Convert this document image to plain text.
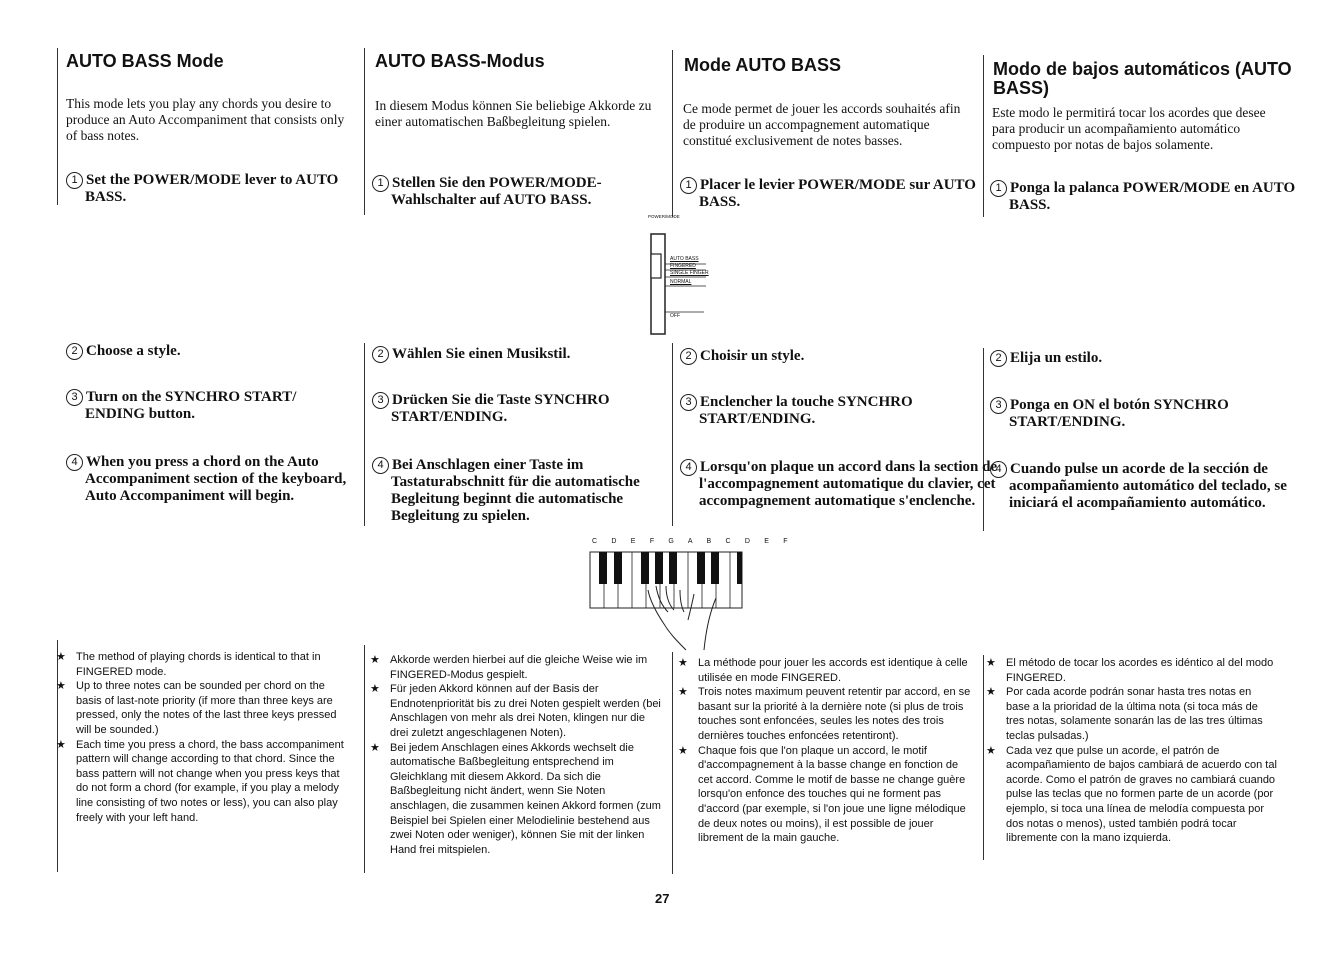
AUTO BASS Mode

This mode lets you play any chords you desire to produce an Auto Accompaniment that consists only of bass notes.

1 Set the POWER/MODE lever to AUTO BASS.

2 Choose a style.

3 Turn on the SYNCHRO START/ ENDING button.

4 When you press a chord on the Auto Accompaniment section of the keyboard, Auto Accompaniment will begin.

★ The method of playing chords is identical to that in FINGERED mode.
★ Up to three notes can be sounded per chord on the basis of last-note priority (if more than three keys are pressed, only the notes of the last three keys pressed will be sounded.)
★ Each time you press a chord, the bass accompaniment pattern will change according to that chord. Since the bass pattern will not change when you press keys that do not form a chord (for example, if you play a melody line consisting of two notes or less), you can also play freely with your left hand.
AUTO BASS-Modus

In diesem Modus können Sie beliebige Akkorde zu einer automatischen Baßbegleitung spielen.

1 Stellen Sie den POWER/MODE-Wahlschalter auf AUTO BASS.

2 Wählen Sie einen Musikstil.

3 Drücken Sie die Taste SYNCHRO START/ENDING.

4 Bei Anschlagen einer Taste im Tastaturabschnitt für die automatische Begleitung beginnt die automatische Begleitung zu spielen.

★ Akkorde werden hierbei auf die gleiche Weise wie im FINGERED-Modus gespielt.
★ Für jeden Akkord können auf der Basis der Endnotenpriorität bis zu drei Noten gespielt werden (bei Anschlagen von mehr als drei Noten, klingen nur die drei zuletzt angeschlagenen Noten).
★ Bei jedem Anschlagen eines Akkords wechselt die automatische Baßbegleitung entsprechend im Gleichklang mit diesem Akkord. Da sich die Baßbegleitung nicht ändert, wenn Sie Noten anschlagen, die zusammen keinen Akkord formen (zum Beispiel bei Spielen einer Melodielinie bestehend aus zwei Noten oder weniger), können Sie mit der linken Hand frei mitspielen.
Mode AUTO BASS

Ce mode permet de jouer les accords souhaités afin de produire un accompagnement automatique constitué exclusivement de notes basses.

1 Placer le levier POWER/MODE sur AUTO BASS.

2 Choisir un style.

3 Enclencher la touche SYNCHRO START/ENDING.

4 Lorsqu'on plaque un accord dans la section de l'accompagnement automatique du clavier, cet accompagnement automatique s'enclenche.

★ La méthode pour jouer les accords est identique à celle utilisée en mode FINGERED.
★ Trois notes maximum peuvent retentir par accord, en se basant sur la priorité à la dernière note (si plus de trois touches sont enfoncées, seules les notes des trois dernières touches enfoncées retentiront).
★ Chaque fois que l'on plaque un accord, le motif d'accompagnement à la basse change en fonction de cet accord. Comme le motif de basse ne change guère lorsqu'on enfonce des touches qui ne forment pas d'accord (par exemple, si l'on joue une ligne mélodique de deux notes ou moins), il est possible de jouer librement de la main gauche.
Modo de bajos automáticos (AUTO BASS)

Este modo le permitirá tocar los acordes que desee para producir un acompañamiento automático compuesto por notas de bajos solamente.

1 Ponga la palanca POWER/MODE en AUTO BASS.

2 Elija un estilo.

3 Ponga en ON el botón SYNCHRO START/ENDING.

4 Cuando pulse un acorde de la sección de acompañamiento automático del teclado, se iniciará el acompañamiento automático.

★ El método de tocar los acordes es idéntico al del modo FINGERED.
★ Por cada acorde podrán sonar hasta tres notas en base a la prioridad de la última nota (si toca más de tres notas, solamente sonarán las de las tres últimas teclas pulsadas.)
★ Cada vez que pulse un acorde, el patrón de acompañamiento de bajos cambiará de acuerdo con tal acorde. Como el patrón de graves no cambiará cuando pulse las teclas que no formen parte de un acorde (por ejemplo, si toca una línea de melodía compuesta por dos notas o menos), usted también podrá tocar libremente con la mano izquierda.
POWER/MODE
AUTO BASS
FINGERED
SINGLE FINGER
NORMAL
OFF
C D E F G A B C D E F
27
